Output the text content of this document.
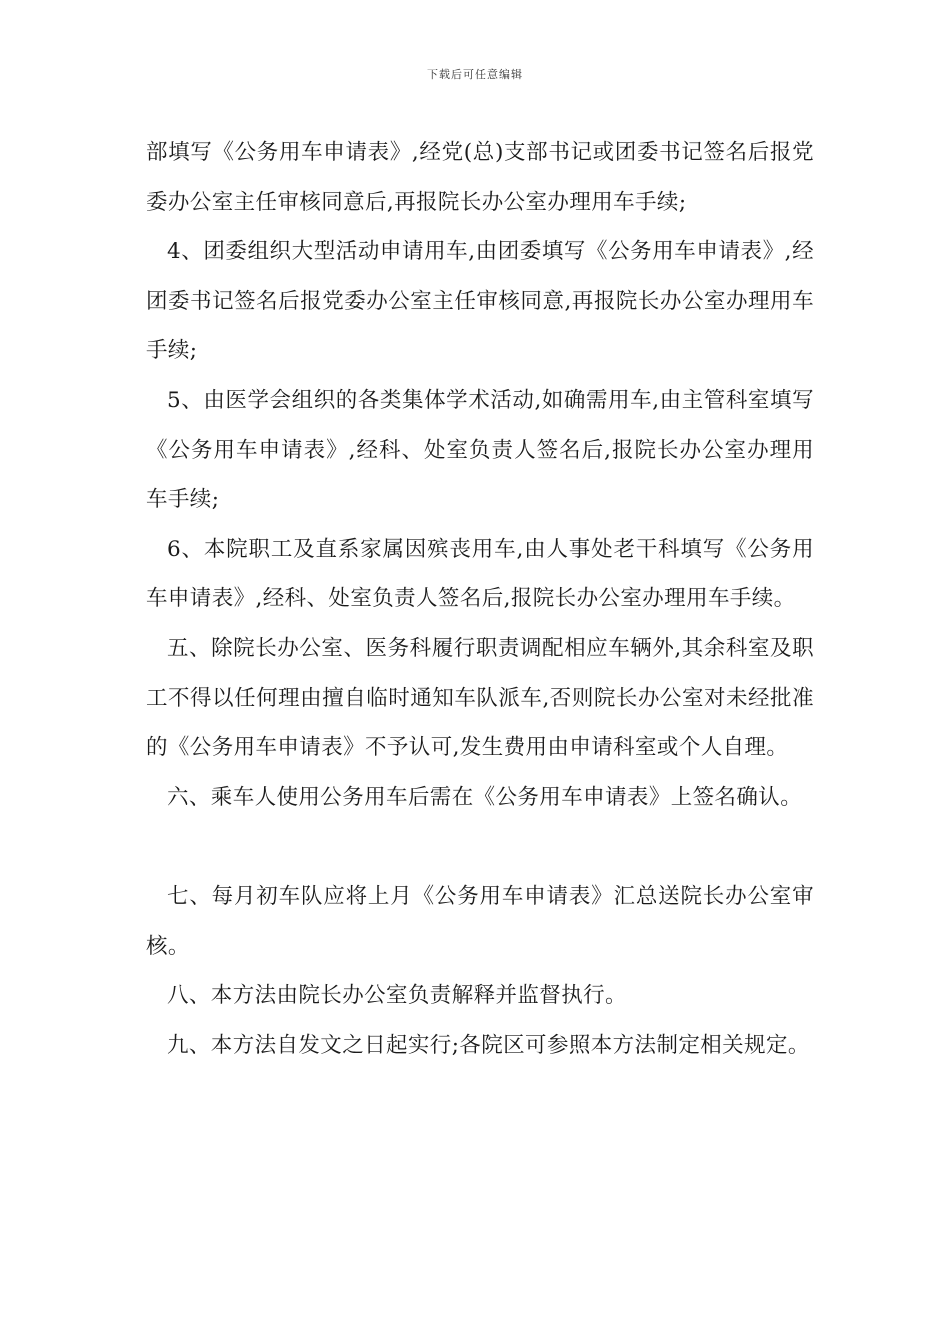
下载后可任意编辑

部填写《公务用车申请表》,经党(总)支部书记或团委书记签名后报党委办公室主任审核同意后,再报院长办公室办理用车手续;

4、团委组织大型活动申请用车,由团委填写《公务用车申请表》,经团委书记签名后报党委办公室主任审核同意,再报院长办公室办理用车手续;

5、由医学会组织的各类集体学术活动,如确需用车,由主管科室填写《公务用车申请表》,经科、处室负责人签名后,报院长办公室办理用车手续;

6、本院职工及直系家属因殡丧用车,由人事处老干科填写《公务用车申请表》,经科、处室负责人签名后,报院长办公室办理用车手续。

五、除院长办公室、医务科履行职责调配相应车辆外,其余科室及职工不得以任何理由擅自临时通知车队派车,否则院长办公室对未经批准的《公务用车申请表》不予认可,发生费用由申请科室或个人自理。

六、乘车人使用公务用车后需在《公务用车申请表》上签名确认。

七、每月初车队应将上月《公务用车申请表》汇总送院长办公室审核。

八、本方法由院长办公室负责解释并监督执行。

九、本方法自发文之日起实行;各院区可参照本方法制定相关规定。
